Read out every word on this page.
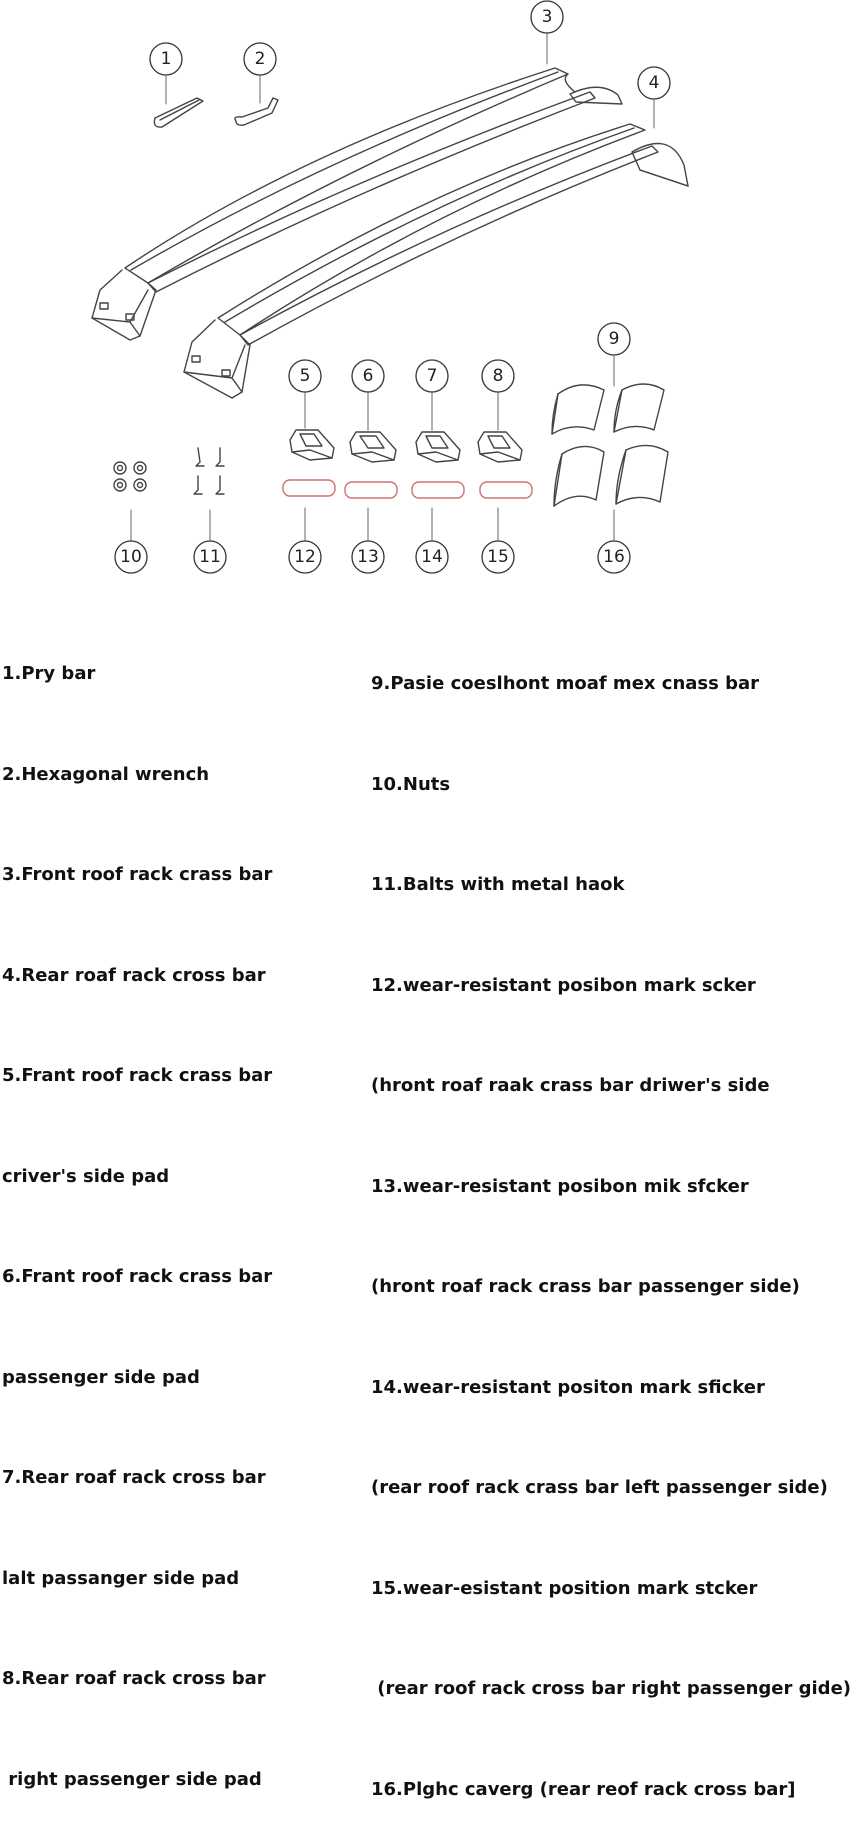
1	2
3
4
5	6	7	8
9
10	11	12 13 14	15	16

1.Pry bar

2.Hexagonal wrench

3.Front roof rack crass bar

4.Rear roaf rack cross bar

5.Frant roof rack crass bar

criver's side pad

6.Frant roof rack crass bar

passenger side pad

7.Rear roaf rack cross bar

lalt passanger side pad

8.Rear roaf rack cross bar

right passenger side pad

9.Pasie coeslhont moaf mex cnass bar

10.Nuts

11.Balts with metal haok

12.wear-resistant posibon mark scker

(hront roaf raak crass bar driwer's side

13.wear-resistant posibon mik sfcker

(hront roaf rack crass bar passenger side)

14.wear-resistant positon mark sficker

(rear roof rack crass bar left passenger side)

15.wear-esistant position mark stcker

(rear roof rack cross bar right passenger gide)

16.Plghc caverg (rear reof rack cross bar]
